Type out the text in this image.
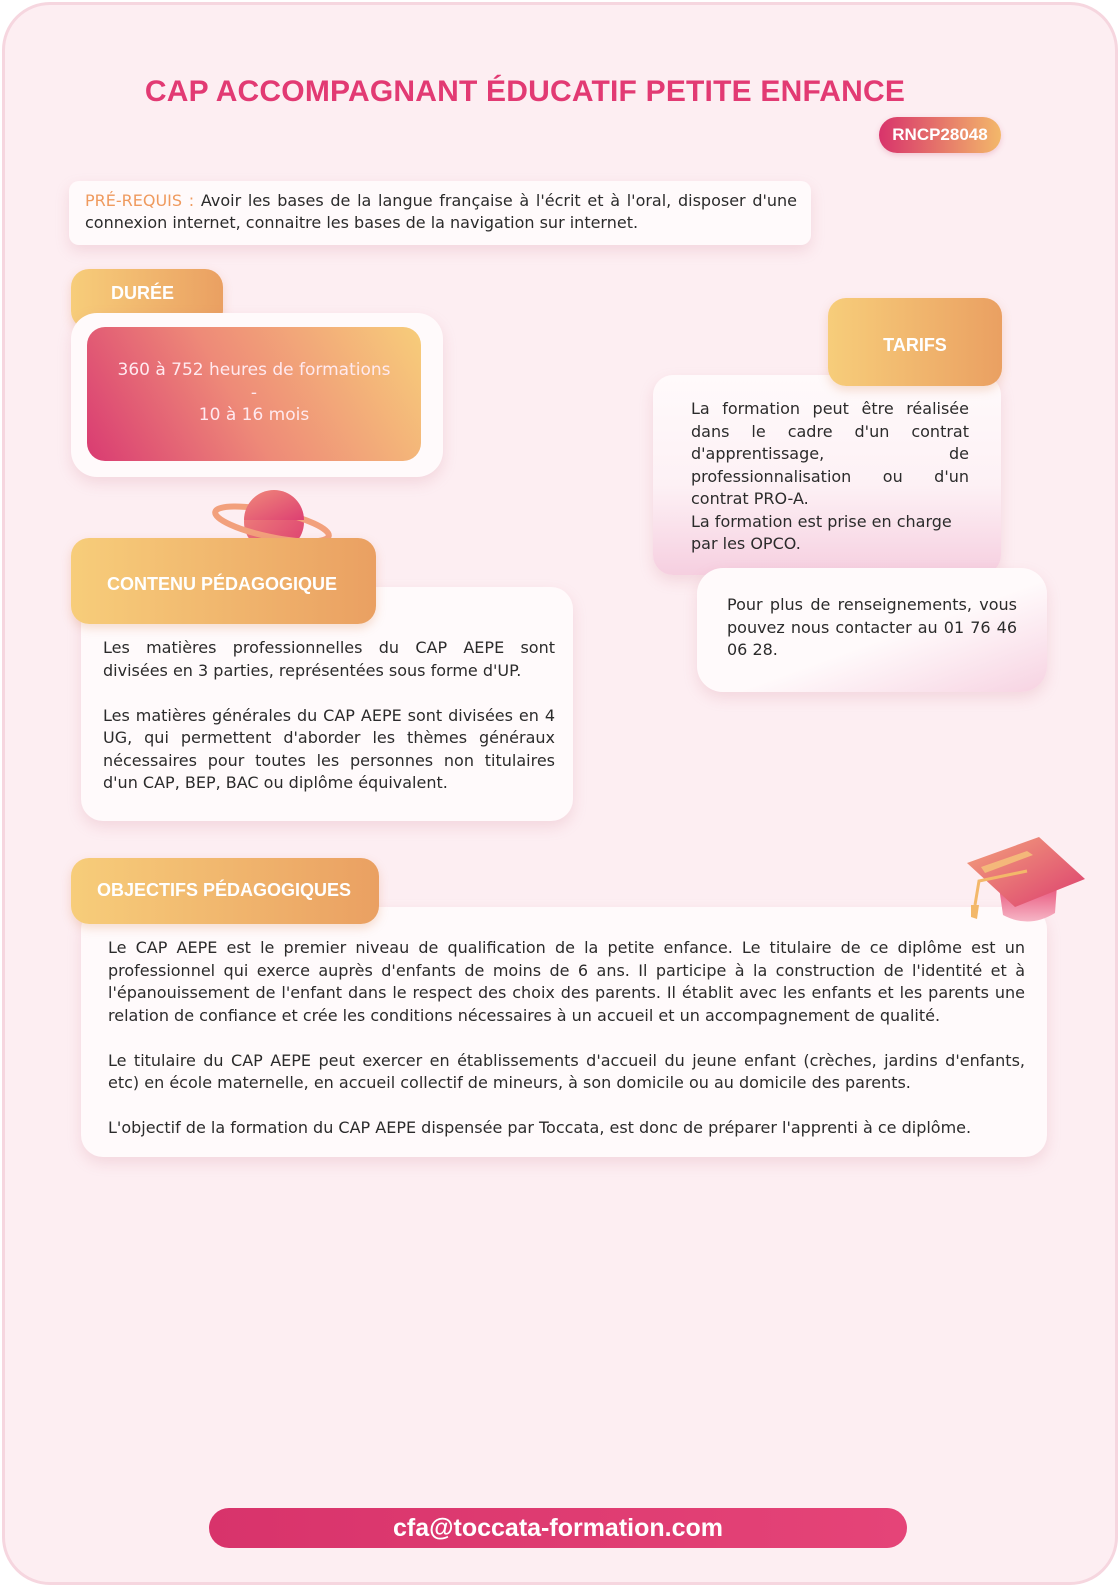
CAP ACCOMPAGNANT ÉDUCATIF PETITE ENFANCE
RNCP28048
PRÉ-REQUIS : Avoir les bases de la langue française à l'écrit et à l'oral, disposer d'une connexion internet, connaitre les bases de la navigation sur internet.
DURÉE
360 à 752 heures de formations
-
10 à 16 mois

Les matières professionnelles du CAP AEPE sont divisées en 3 parties, représentées sous forme d'UP.

Les matières générales du CAP AEPE sont divisées en 4 UG, qui permettent d'aborder les thèmes généraux nécessaires pour toutes les personnes non titulaires d'un CAP, BEP, BAC ou diplôme équivalent.

CONTENU PÉDAGOGIQUE
La formation peut être réalisée dans le cadre d'un contrat d'apprentissage, de professionnalisation ou d'un contrat PRO-A.
La formation est prise en charge par les OPCO.
TARIFS
Pour plus de renseignements, vous pouvez nous contacter au 01 76 46 06 28.

Le CAP AEPE est le premier niveau de qualification de la petite enfance. Le titulaire de ce diplôme est un professionnel qui exerce auprès d'enfants de moins de 6 ans. Il participe à la construction de l'identité et à l'épanouissement de l'enfant dans le respect des choix des parents. Il établit avec les enfants et les parents une relation de confiance et crée les conditions nécessaires à un accueil et un accompagnement de qualité.

Le titulaire du CAP AEPE peut exercer en établissements d'accueil du jeune enfant (crèches, jardins d'enfants, etc) en école maternelle, en accueil collectif de mineurs, à son domicile ou au domicile des parents.

L'objectif de la formation du CAP AEPE dispensée par Toccata, est donc de préparer l'apprenti à ce diplôme.

OBJECTIFS PÉDAGOGIQUES
cfa@toccata-formation.com
